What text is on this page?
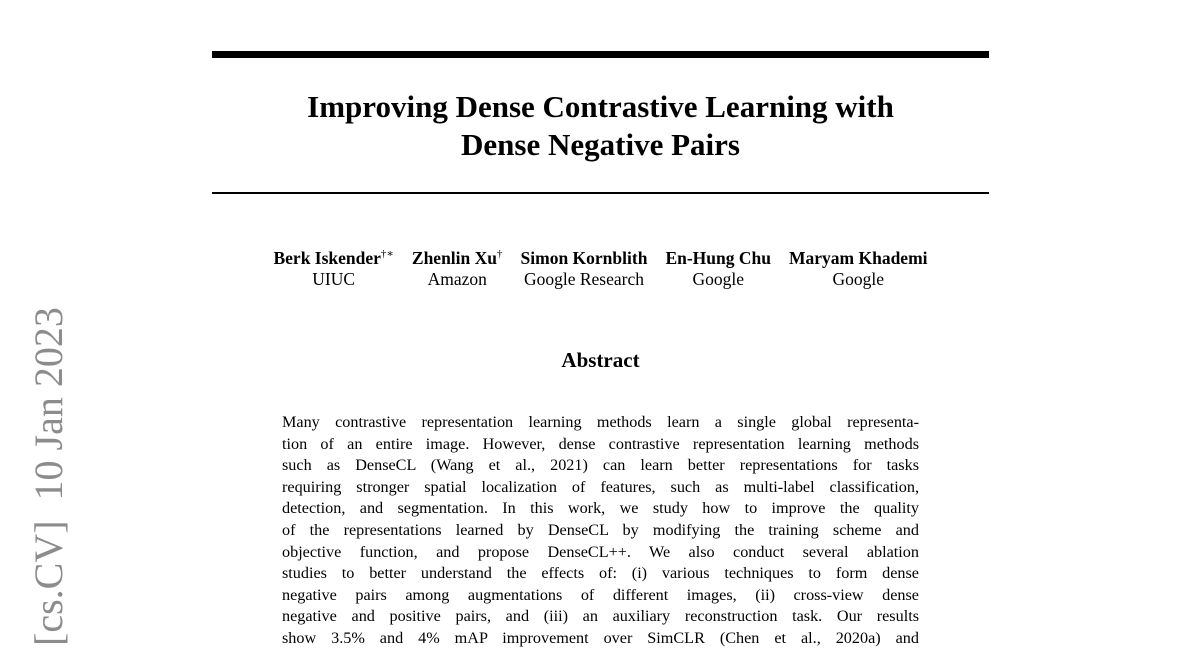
Improving Dense Contrastive Learning with
Dense Negative Pairs
Berk Iskender†∗
UIUC
Zhenlin Xu†
Amazon
Simon Kornblith
Google Research
En-Hung Chu
Google
Maryam Khademi
Google
Abstract
Many contrastive representation learning methods learn a single global representa-
tion of an entire image. However, dense contrastive representation learning methods
such as DenseCL (Wang et al., 2021) can learn better representations for tasks
requiring stronger spatial localization of features, such as multi-label classification,
detection, and segmentation. In this work, we study how to improve the quality
of the representations learned by DenseCL by modifying the training scheme and
objective function, and propose DenseCL++. We also conduct several ablation
studies to better understand the effects of: (i) various techniques to form dense
negative pairs among augmentations of different images, (ii) cross-view dense
negative and positive pairs, and (iii) an auxiliary reconstruction task. Our results
show 3.5% and 4% mAP improvement over SimCLR (Chen et al., 2020a) and
[cs.CV]  10 Jan 2023
